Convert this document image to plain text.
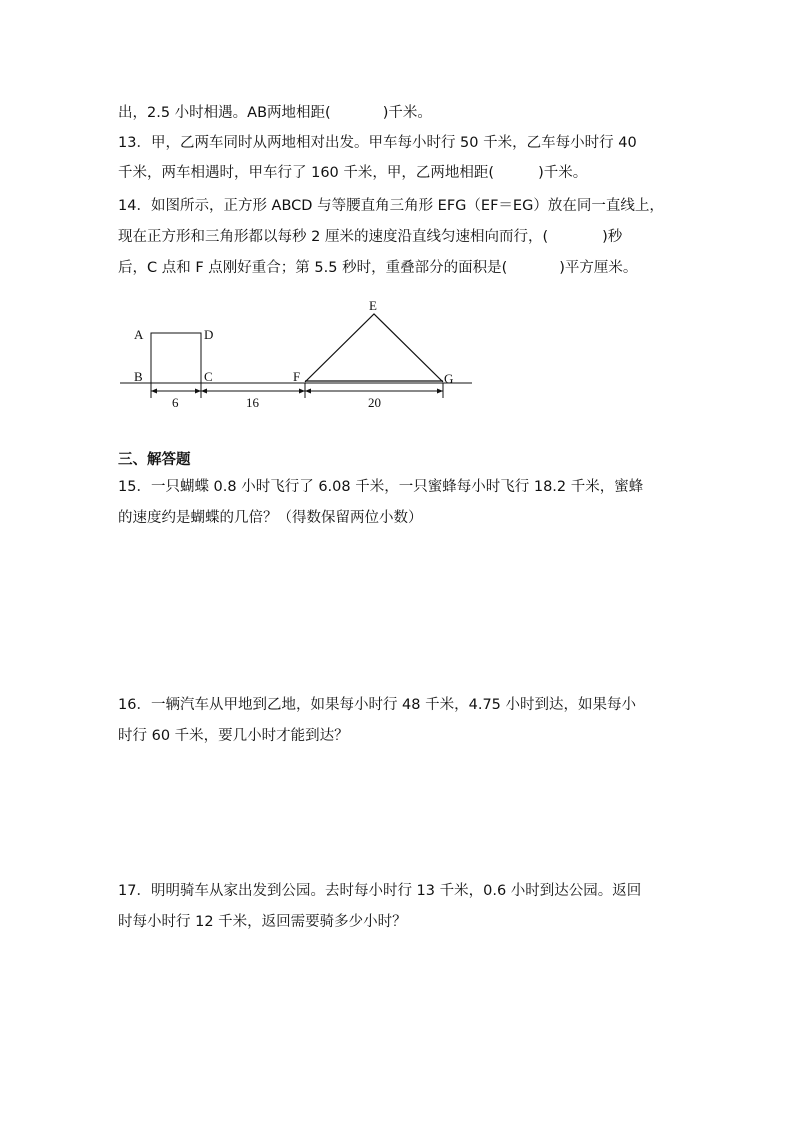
出，2.5 小时相遇。AB两地相距(	)千米。
13．甲，乙两车同时从两地相对出发。甲车每小时行 50 千米，乙车每小时行 40
千米，两车相遇时，甲车行了 160 千米，甲，乙两地相距(	)千米。
14．如图所示，正方形 ABCD 与等腰直角三角形 EFG（EF＝EG）放在同一直线上，
现在正方形和三角形都以每秒 2 厘米的速度沿直线匀速相向而行，(	)秒
后，C 点和 F 点刚好重合；第 5.5 秒时，重叠部分的面积是(	)平方厘米。
A
B	C
D
E
F	G
6	16	20
三、解答题
15．一只蝴蝶 0.8 小时飞行了 6.08 千米，一只蜜蜂每小时飞行 18.2 千米，蜜蜂
的速度约是蝴蝶的几倍？（得数保留两位小数）
16．一辆汽车从甲地到乙地，如果每小时行 48 千米，4.75 小时到达，如果每小
时行 60 千米，要几小时才能到达？
17．明明骑车从家出发到公园。去时每小时行 13 千米，0.6 小时到达公园。返回
时每小时行 12 千米，返回需要骑多少小时？
